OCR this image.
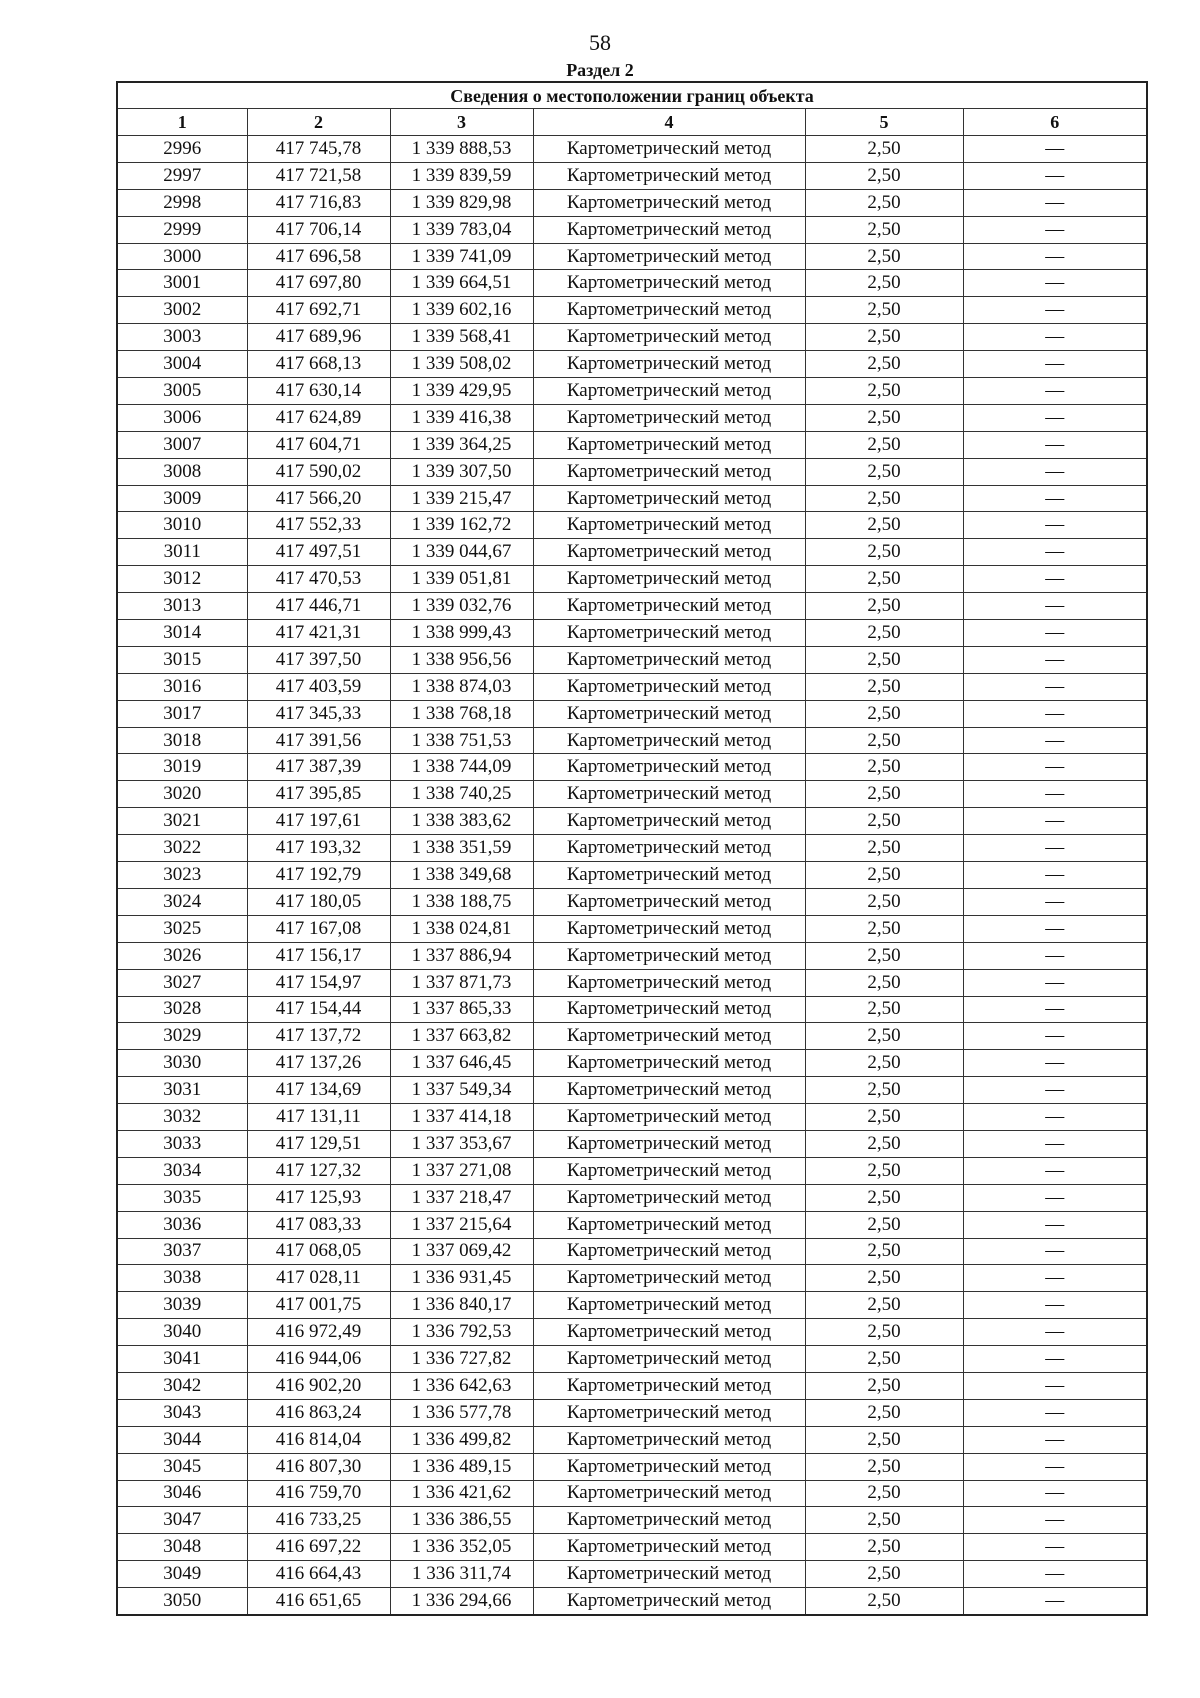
58
Раздел 2
Сведения о местоположении границ объекта					
1	2	3	4	5	6
2996	417 745,78	1 339 888,53	Картометрический метод	2,50	—
2997	417 721,58	1 339 839,59	Картометрический метод	2,50	—
2998	417 716,83	1 339 829,98	Картометрический метод	2,50	—
2999	417 706,14	1 339 783,04	Картометрический метод	2,50	—
3000	417 696,58	1 339 741,09	Картометрический метод	2,50	—
3001	417 697,80	1 339 664,51	Картометрический метод	2,50	—
3002	417 692,71	1 339 602,16	Картометрический метод	2,50	—
3003	417 689,96	1 339 568,41	Картометрический метод	2,50	—
3004	417 668,13	1 339 508,02	Картометрический метод	2,50	—
3005	417 630,14	1 339 429,95	Картометрический метод	2,50	—
3006	417 624,89	1 339 416,38	Картометрический метод	2,50	—
3007	417 604,71	1 339 364,25	Картометрический метод	2,50	—
3008	417 590,02	1 339 307,50	Картометрический метод	2,50	—
3009	417 566,20	1 339 215,47	Картометрический метод	2,50	—
3010	417 552,33	1 339 162,72	Картометрический метод	2,50	—
3011	417 497,51	1 339 044,67	Картометрический метод	2,50	—
3012	417 470,53	1 339 051,81	Картометрический метод	2,50	—
3013	417 446,71	1 339 032,76	Картометрический метод	2,50	—
3014	417 421,31	1 338 999,43	Картометрический метод	2,50	—
3015	417 397,50	1 338 956,56	Картометрический метод	2,50	—
3016	417 403,59	1 338 874,03	Картометрический метод	2,50	—
3017	417 345,33	1 338 768,18	Картометрический метод	2,50	—
3018	417 391,56	1 338 751,53	Картометрический метод	2,50	—
3019	417 387,39	1 338 744,09	Картометрический метод	2,50	—
3020	417 395,85	1 338 740,25	Картометрический метод	2,50	—
3021	417 197,61	1 338 383,62	Картометрический метод	2,50	—
3022	417 193,32	1 338 351,59	Картометрический метод	2,50	—
3023	417 192,79	1 338 349,68	Картометрический метод	2,50	—
3024	417 180,05	1 338 188,75	Картометрический метод	2,50	—
3025	417 167,08	1 338 024,81	Картометрический метод	2,50	—
3026	417 156,17	1 337 886,94	Картометрический метод	2,50	—
3027	417 154,97	1 337 871,73	Картометрический метод	2,50	—
3028	417 154,44	1 337 865,33	Картометрический метод	2,50	—
3029	417 137,72	1 337 663,82	Картометрический метод	2,50	—
3030	417 137,26	1 337 646,45	Картометрический метод	2,50	—
3031	417 134,69	1 337 549,34	Картометрический метод	2,50	—
3032	417 131,11	1 337 414,18	Картометрический метод	2,50	—
3033	417 129,51	1 337 353,67	Картометрический метод	2,50	—
3034	417 127,32	1 337 271,08	Картометрический метод	2,50	—
3035	417 125,93	1 337 218,47	Картометрический метод	2,50	—
3036	417 083,33	1 337 215,64	Картометрический метод	2,50	—
3037	417 068,05	1 337 069,42	Картометрический метод	2,50	—
3038	417 028,11	1 336 931,45	Картометрический метод	2,50	—
3039	417 001,75	1 336 840,17	Картометрический метод	2,50	—
3040	416 972,49	1 336 792,53	Картометрический метод	2,50	—
3041	416 944,06	1 336 727,82	Картометрический метод	2,50	—
3042	416 902,20	1 336 642,63	Картометрический метод	2,50	—
3043	416 863,24	1 336 577,78	Картометрический метод	2,50	—
3044	416 814,04	1 336 499,82	Картометрический метод	2,50	—
3045	416 807,30	1 336 489,15	Картометрический метод	2,50	—
3046	416 759,70	1 336 421,62	Картометрический метод	2,50	—
3047	416 733,25	1 336 386,55	Картометрический метод	2,50	—
3048	416 697,22	1 336 352,05	Картометрический метод	2,50	—
3049	416 664,43	1 336 311,74	Картометрический метод	2,50	—
3050	416 651,65	1 336 294,66	Картометрический метод	2,50	—
